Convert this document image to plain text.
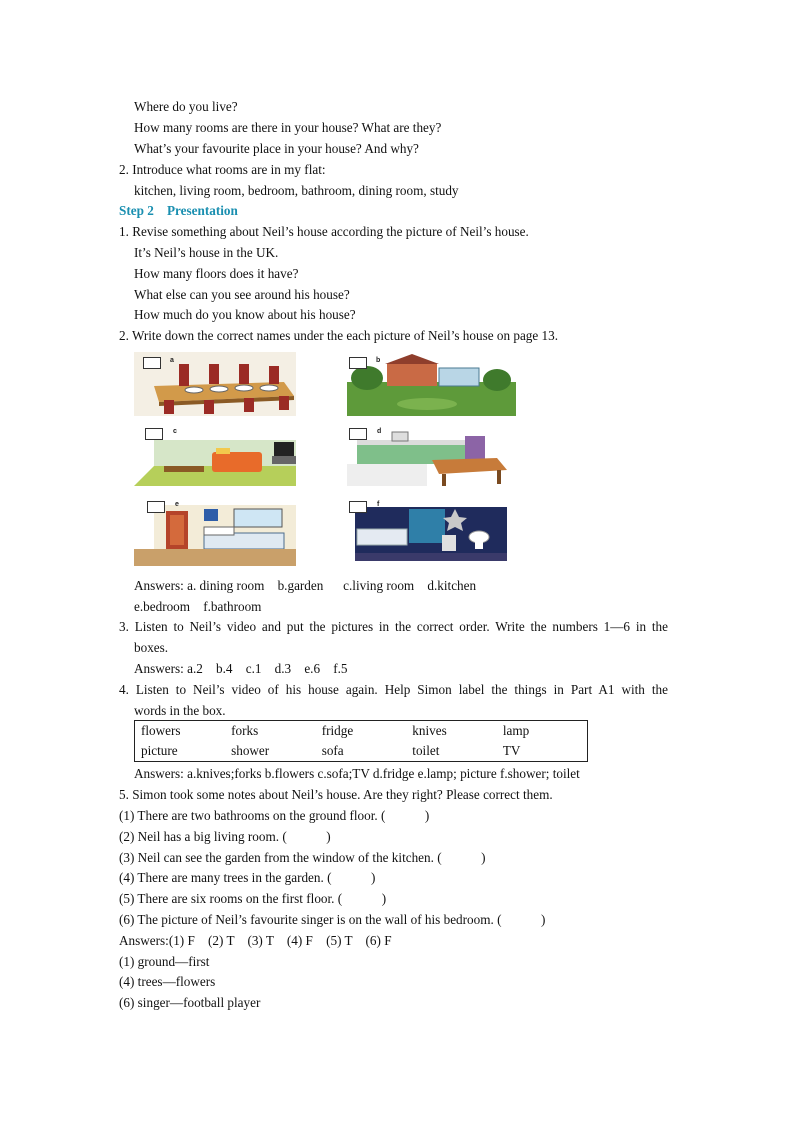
Where do you live?
How many rooms are there in your house? What are they?
What’s your favourite place in your house? And why?
2. Introduce what rooms are in my flat:
kitchen, living room, bedroom, bathroom, dining room, study
Step 2    Presentation
1. Revise something about Neil’s house according the picture of Neil’s house.
It’s Neil’s house in the UK.
How many floors does it have?
What else can you see around his house?
How much do you know about his house?
2. Write down the correct names under the each picture of Neil’s house on page 13.
a	b
c	d
e	f
Answers: a. dining room    b.garden      c.living room    d.kitchen
e.bedroom    f.bathroom
3. Listen to Neil’s video and put the pictures in the correct order. Write the numbers 1—6 in the
boxes.
Answers: a.2    b.4    c.1    d.3    e.6    f.5
4. Listen to Neil’s video of his house again. Help Simon label the things in Part A1 with the
words in the box.
flowers	forks	fridge	knives	lamp
picture	shower	sofa	toilet	TV
Answers: a.knives;forks b.flowers c.sofa;TV d.fridge e.lamp; picture f.shower; toilet
5. Simon took some notes about Neil’s house. Are they right? Please correct them.
(1) There are two bathrooms on the ground floor. (            )
(2) Neil has a big living room. (            )
(3) Neil can see the garden from the window of the kitchen. (            )
(4) There are many trees in the garden. (            )
(5) There are six rooms on the first floor. (            )
(6) The picture of Neil’s favourite singer is on the wall of his bedroom. (            )
Answers:(1) F    (2) T    (3) T    (4) F    (5) T    (6) F
(1) ground—first
(4) trees—flowers
(6) singer—football player
